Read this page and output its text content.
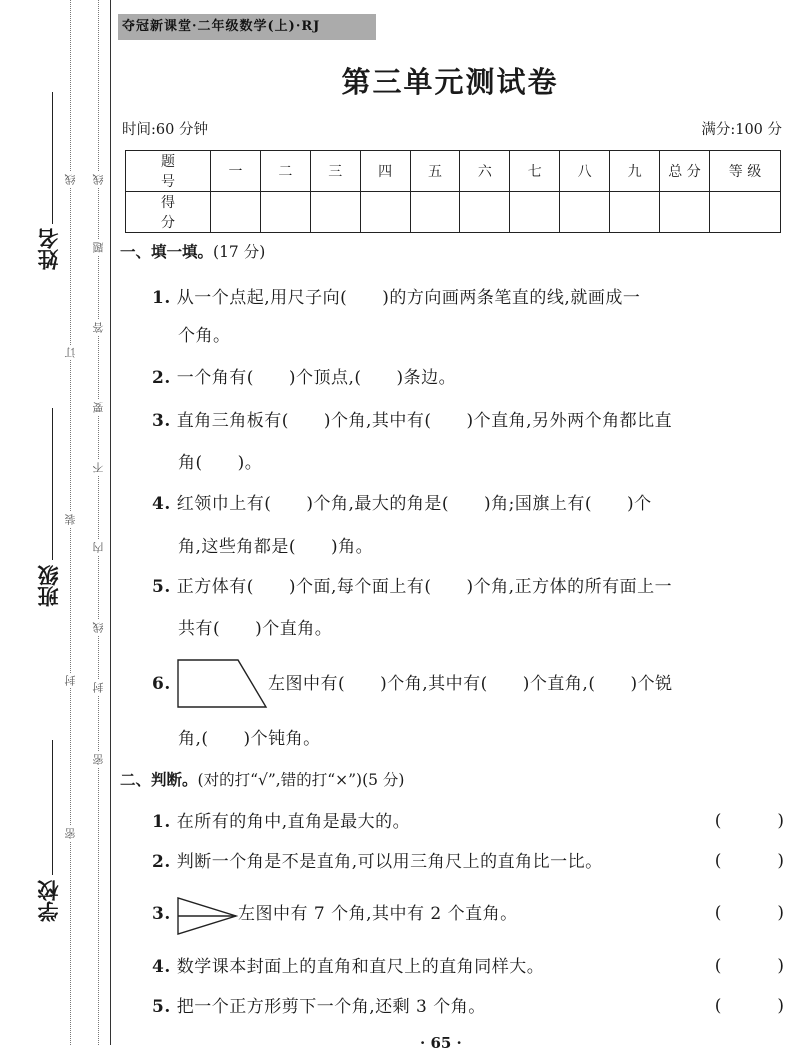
姓名
班级
学校
线
订
装
封
密
线
题
答
要
不
内
线
封
密
夺冠新课堂·二年级数学(上)·RJ
第三单元测试卷
时间:60 分钟	满分:100 分
题 号	一	二	三	四	五	六	七	八	九	总 分	等 级
得 分											
一、填一填。(17 分)
1. 从一个点起,用尺子向(　　)的方向画两条笔直的线,就画成一
个角。
2. 一个角有(　　)个顶点,(　　)条边。
3. 直角三角板有(　　)个角,其中有(　　)个直角,另外两个角都比直
角(　　)。
4. 红领巾上有(　　)个角,最大的角是(　　)角;国旗上有(　　)个
角,这些角都是(　　)角。
5. 正方体有(　　)个面,每个面上有(　　)个角,正方体的所有面上一
共有(　　)个直角。
6.	左图中有(　　)个角,其中有(　　)个直角,(　　)个锐
角,(　　)个钝角。
二、判断。(对的打“√”,错的打“×”)(5 分)
1. 在所有的角中,直角是最大的。	()
2. 判断一个角是不是直角,可以用三角尺上的直角比一比。	()
3.	左图中有 7 个角,其中有 2 个直角。	()
4. 数学课本封面上的直角和直尺上的直角同样大。	()
5. 把一个正方形剪下一个角,还剩 3 个角。	()
· 65 ·
